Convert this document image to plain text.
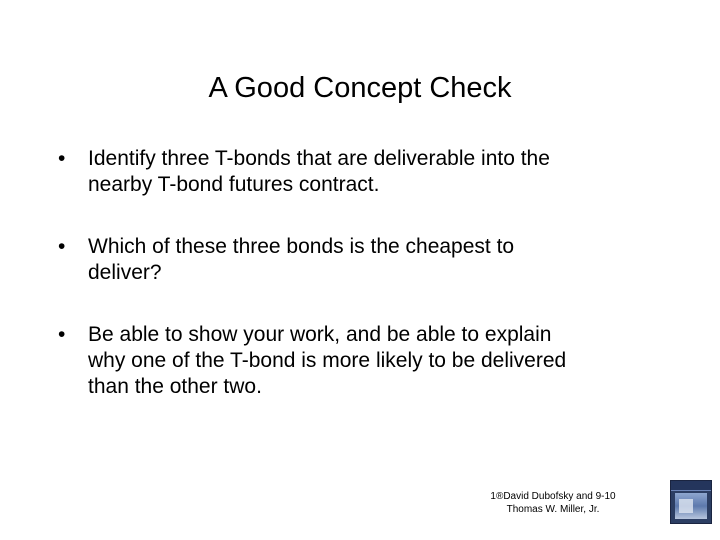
A Good Concept Check
• Identify three T-bonds that are deliverable into the
nearby T-bond futures contract.
• Which of these three bonds is the cheapest to
deliver?
• Be able to show your work, and be able to explain
why one of the T-bond is more likely to be delivered
than the other two.
1®David Dubofsky and 9-10
Thomas W. Miller, Jr.
